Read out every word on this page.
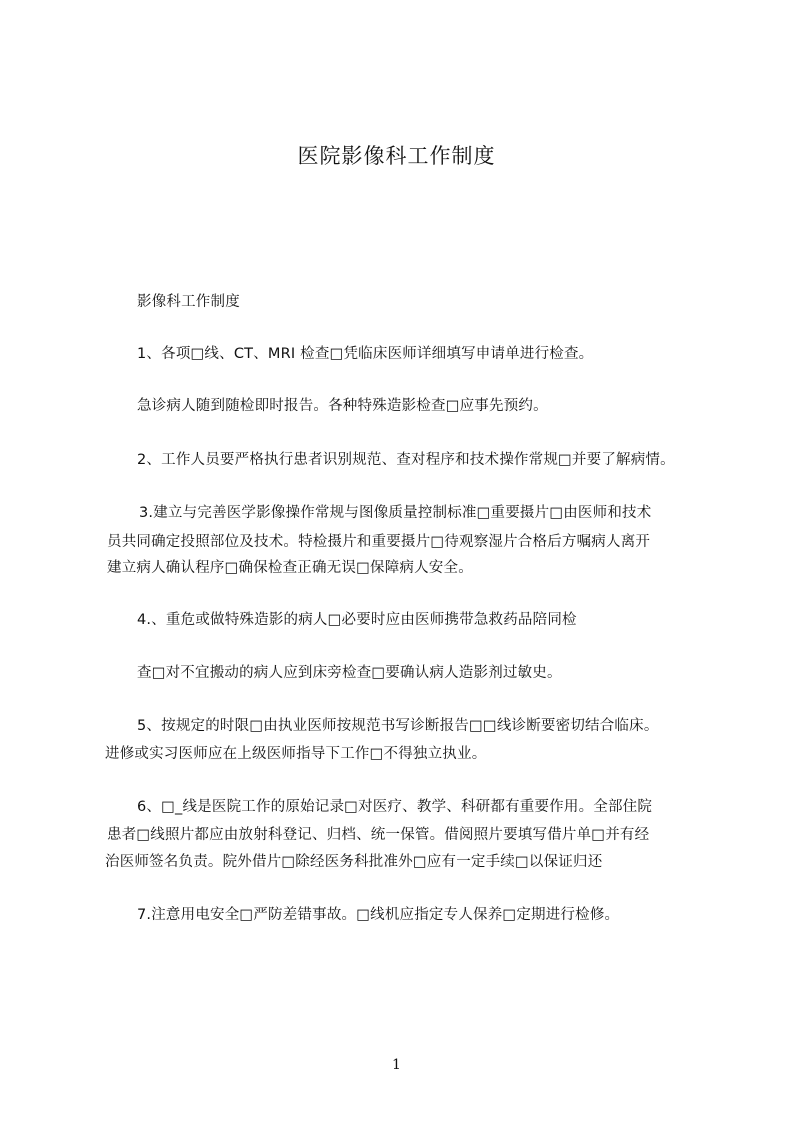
医院影像科工作制度
影像科工作制度
1、各项□线、CT、MRI 检查□凭临床医师详细填写申请单进行检查。
急诊病人随到随检即时报告。各种特殊造影检查□应事先预约。
2、工作人员要严格执行患者识别规范、查对程序和技术操作常规□并要了解病情。
3.建立与完善医学影像操作常规与图像质量控制标准□重要摄片□由医师和技术
员共同确定投照部位及技术。特检摄片和重要摄片□待观察湿片合格后方嘱病人离开
建立病人确认程序□确保检查正确无误□保障病人安全。
4.、重危或做特殊造影的病人□必要时应由医师携带急救药品陪同检
查□对不宜搬动的病人应到床旁检查□要确认病人造影剂过敏史。
5、按规定的时限□由执业医师按规范书写诊断报告□□线诊断要密切结合临床。
进修或实习医师应在上级医师指导下工作□不得独立执业。
6、□_线是医院工作的原始记录□对医疗、教学、科研都有重要作用。全部住院
患者□线照片都应由放射科登记、归档、统一保管。借阅照片要填写借片单□并有经
治医师签名负责。院外借片□除经医务科批准外□应有一定手续□以保证归还
7.注意用电安全□严防差错事故。□线机应指定专人保养□定期进行检修。
1
